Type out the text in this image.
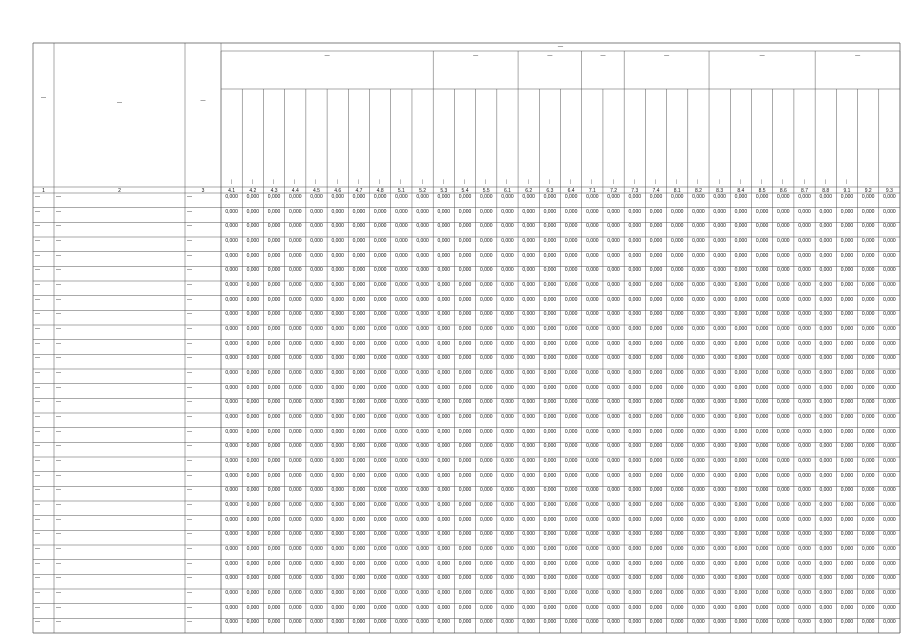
—
—
—	—
—	—	—	—	—	—	—
—	—	—	—	—	—	—	—	—	—	—	—	—	—	—	—	—	—	—	—	—	—	—	—	—	—	—	—	—	—
1	2	3	4.1	4.2	4.3	4.4	4.5	4.6	4.7	4.8	5.1	5.2	5.3	5.4	5.5	6.1	6.2	6.3	6.4	7.1	7.2	7.3	7.4	8.1	8.2	8.3	8.4	8.5	8.6	8.7	8.8	9.1	9.2	9.3
—	—	—	0,000	0,000	0,000	0,000	0,000	0,000	0,000	0,000	0,000	0,000	0,000	0,000	0,000	0,000	0,000	0,000	0,000	0,000	0,000	0,000	0,000	0,000	0,000	0,000	0,000	0,000	0,000	0,000	0,000	0,000	0,000	0,000
—	—	—	0,000	0,000	0,000	0,000	0,000	0,000	0,000	0,000	0,000	0,000	0,000	0,000	0,000	0,000	0,000	0,000	0,000	0,000	0,000	0,000	0,000	0,000	0,000	0,000	0,000	0,000	0,000	0,000	0,000	0,000	0,000	0,000
—	—	—	0,000	0,000	0,000	0,000	0,000	0,000	0,000	0,000	0,000	0,000	0,000	0,000	0,000	0,000	0,000	0,000	0,000	0,000	0,000	0,000	0,000	0,000	0,000	0,000	0,000	0,000	0,000	0,000	0,000	0,000	0,000	0,000
—	—	—	0,000	0,000	0,000	0,000	0,000	0,000	0,000	0,000	0,000	0,000	0,000	0,000	0,000	0,000	0,000	0,000	0,000	0,000	0,000	0,000	0,000	0,000	0,000	0,000	0,000	0,000	0,000	0,000	0,000	0,000	0,000	0,000
—	—	—	0,000	0,000	0,000	0,000	0,000	0,000	0,000	0,000	0,000	0,000	0,000	0,000	0,000	0,000	0,000	0,000	0,000	0,000	0,000	0,000	0,000	0,000	0,000	0,000	0,000	0,000	0,000	0,000	0,000	0,000	0,000	0,000
—	—	—	0,000	0,000	0,000	0,000	0,000	0,000	0,000	0,000	0,000	0,000	0,000	0,000	0,000	0,000	0,000	0,000	0,000	0,000	0,000	0,000	0,000	0,000	0,000	0,000	0,000	0,000	0,000	0,000	0,000	0,000	0,000	0,000
—	—	—	0,000	0,000	0,000	0,000	0,000	0,000	0,000	0,000	0,000	0,000	0,000	0,000	0,000	0,000	0,000	0,000	0,000	0,000	0,000	0,000	0,000	0,000	0,000	0,000	0,000	0,000	0,000	0,000	0,000	0,000	0,000	0,000
—	—	—	0,000	0,000	0,000	0,000	0,000	0,000	0,000	0,000	0,000	0,000	0,000	0,000	0,000	0,000	0,000	0,000	0,000	0,000	0,000	0,000	0,000	0,000	0,000	0,000	0,000	0,000	0,000	0,000	0,000	0,000	0,000	0,000
—	—	—	0,000	0,000	0,000	0,000	0,000	0,000	0,000	0,000	0,000	0,000	0,000	0,000	0,000	0,000	0,000	0,000	0,000	0,000	0,000	0,000	0,000	0,000	0,000	0,000	0,000	0,000	0,000	0,000	0,000	0,000	0,000	0,000
—	—	—	0,000	0,000	0,000	0,000	0,000	0,000	0,000	0,000	0,000	0,000	0,000	0,000	0,000	0,000	0,000	0,000	0,000	0,000	0,000	0,000	0,000	0,000	0,000	0,000	0,000	0,000	0,000	0,000	0,000	0,000	0,000	0,000
—	—	—	0,000	0,000	0,000	0,000	0,000	0,000	0,000	0,000	0,000	0,000	0,000	0,000	0,000	0,000	0,000	0,000	0,000	0,000	0,000	0,000	0,000	0,000	0,000	0,000	0,000	0,000	0,000	0,000	0,000	0,000	0,000	0,000
—	—	—	0,000	0,000	0,000	0,000	0,000	0,000	0,000	0,000	0,000	0,000	0,000	0,000	0,000	0,000	0,000	0,000	0,000	0,000	0,000	0,000	0,000	0,000	0,000	0,000	0,000	0,000	0,000	0,000	0,000	0,000	0,000	0,000
—	—	—	0,000	0,000	0,000	0,000	0,000	0,000	0,000	0,000	0,000	0,000	0,000	0,000	0,000	0,000	0,000	0,000	0,000	0,000	0,000	0,000	0,000	0,000	0,000	0,000	0,000	0,000	0,000	0,000	0,000	0,000	0,000	0,000
—	—	—	0,000	0,000	0,000	0,000	0,000	0,000	0,000	0,000	0,000	0,000	0,000	0,000	0,000	0,000	0,000	0,000	0,000	0,000	0,000	0,000	0,000	0,000	0,000	0,000	0,000	0,000	0,000	0,000	0,000	0,000	0,000	0,000
—	—	—	0,000	0,000	0,000	0,000	0,000	0,000	0,000	0,000	0,000	0,000	0,000	0,000	0,000	0,000	0,000	0,000	0,000	0,000	0,000	0,000	0,000	0,000	0,000	0,000	0,000	0,000	0,000	0,000	0,000	0,000	0,000	0,000
—	—	—	0,000	0,000	0,000	0,000	0,000	0,000	0,000	0,000	0,000	0,000	0,000	0,000	0,000	0,000	0,000	0,000	0,000	0,000	0,000	0,000	0,000	0,000	0,000	0,000	0,000	0,000	0,000	0,000	0,000	0,000	0,000	0,000
—	—	—	0,000	0,000	0,000	0,000	0,000	0,000	0,000	0,000	0,000	0,000	0,000	0,000	0,000	0,000	0,000	0,000	0,000	0,000	0,000	0,000	0,000	0,000	0,000	0,000	0,000	0,000	0,000	0,000	0,000	0,000	0,000	0,000
—	—	—	0,000	0,000	0,000	0,000	0,000	0,000	0,000	0,000	0,000	0,000	0,000	0,000	0,000	0,000	0,000	0,000	0,000	0,000	0,000	0,000	0,000	0,000	0,000	0,000	0,000	0,000	0,000	0,000	0,000	0,000	0,000	0,000
—	—	—	0,000	0,000	0,000	0,000	0,000	0,000	0,000	0,000	0,000	0,000	0,000	0,000	0,000	0,000	0,000	0,000	0,000	0,000	0,000	0,000	0,000	0,000	0,000	0,000	0,000	0,000	0,000	0,000	0,000	0,000	0,000	0,000
—	—	—	0,000	0,000	0,000	0,000	0,000	0,000	0,000	0,000	0,000	0,000	0,000	0,000	0,000	0,000	0,000	0,000	0,000	0,000	0,000	0,000	0,000	0,000	0,000	0,000	0,000	0,000	0,000	0,000	0,000	0,000	0,000	0,000
—	—	—	0,000	0,000	0,000	0,000	0,000	0,000	0,000	0,000	0,000	0,000	0,000	0,000	0,000	0,000	0,000	0,000	0,000	0,000	0,000	0,000	0,000	0,000	0,000	0,000	0,000	0,000	0,000	0,000	0,000	0,000	0,000	0,000
—	—	—	0,000	0,000	0,000	0,000	0,000	0,000	0,000	0,000	0,000	0,000	0,000	0,000	0,000	0,000	0,000	0,000	0,000	0,000	0,000	0,000	0,000	0,000	0,000	0,000	0,000	0,000	0,000	0,000	0,000	0,000	0,000	0,000
—	—	—	0,000	0,000	0,000	0,000	0,000	0,000	0,000	0,000	0,000	0,000	0,000	0,000	0,000	0,000	0,000	0,000	0,000	0,000	0,000	0,000	0,000	0,000	0,000	0,000	0,000	0,000	0,000	0,000	0,000	0,000	0,000	0,000
—	—	—	0,000	0,000	0,000	0,000	0,000	0,000	0,000	0,000	0,000	0,000	0,000	0,000	0,000	0,000	0,000	0,000	0,000	0,000	0,000	0,000	0,000	0,000	0,000	0,000	0,000	0,000	0,000	0,000	0,000	0,000	0,000	0,000
—	—	—	0,000	0,000	0,000	0,000	0,000	0,000	0,000	0,000	0,000	0,000	0,000	0,000	0,000	0,000	0,000	0,000	0,000	0,000	0,000	0,000	0,000	0,000	0,000	0,000	0,000	0,000	0,000	0,000	0,000	0,000	0,000	0,000
—	—	—	0,000	0,000	0,000	0,000	0,000	0,000	0,000	0,000	0,000	0,000	0,000	0,000	0,000	0,000	0,000	0,000	0,000	0,000	0,000	0,000	0,000	0,000	0,000	0,000	0,000	0,000	0,000	0,000	0,000	0,000	0,000	0,000
—	—	—	0,000	0,000	0,000	0,000	0,000	0,000	0,000	0,000	0,000	0,000	0,000	0,000	0,000	0,000	0,000	0,000	0,000	0,000	0,000	0,000	0,000	0,000	0,000	0,000	0,000	0,000	0,000	0,000	0,000	0,000	0,000	0,000
—	—	—	0,000	0,000	0,000	0,000	0,000	0,000	0,000	0,000	0,000	0,000	0,000	0,000	0,000	0,000	0,000	0,000	0,000	0,000	0,000	0,000	0,000	0,000	0,000	0,000	0,000	0,000	0,000	0,000	0,000	0,000	0,000	0,000
—	—	—	0,000	0,000	0,000	0,000	0,000	0,000	0,000	0,000	0,000	0,000	0,000	0,000	0,000	0,000	0,000	0,000	0,000	0,000	0,000	0,000	0,000	0,000	0,000	0,000	0,000	0,000	0,000	0,000	0,000	0,000	0,000	0,000
—	—	—	0,000	0,000	0,000	0,000	0,000	0,000	0,000	0,000	0,000	0,000	0,000	0,000	0,000	0,000	0,000	0,000	0,000	0,000	0,000	0,000	0,000	0,000	0,000	0,000	0,000	0,000	0,000	0,000	0,000	0,000	0,000	0,000
